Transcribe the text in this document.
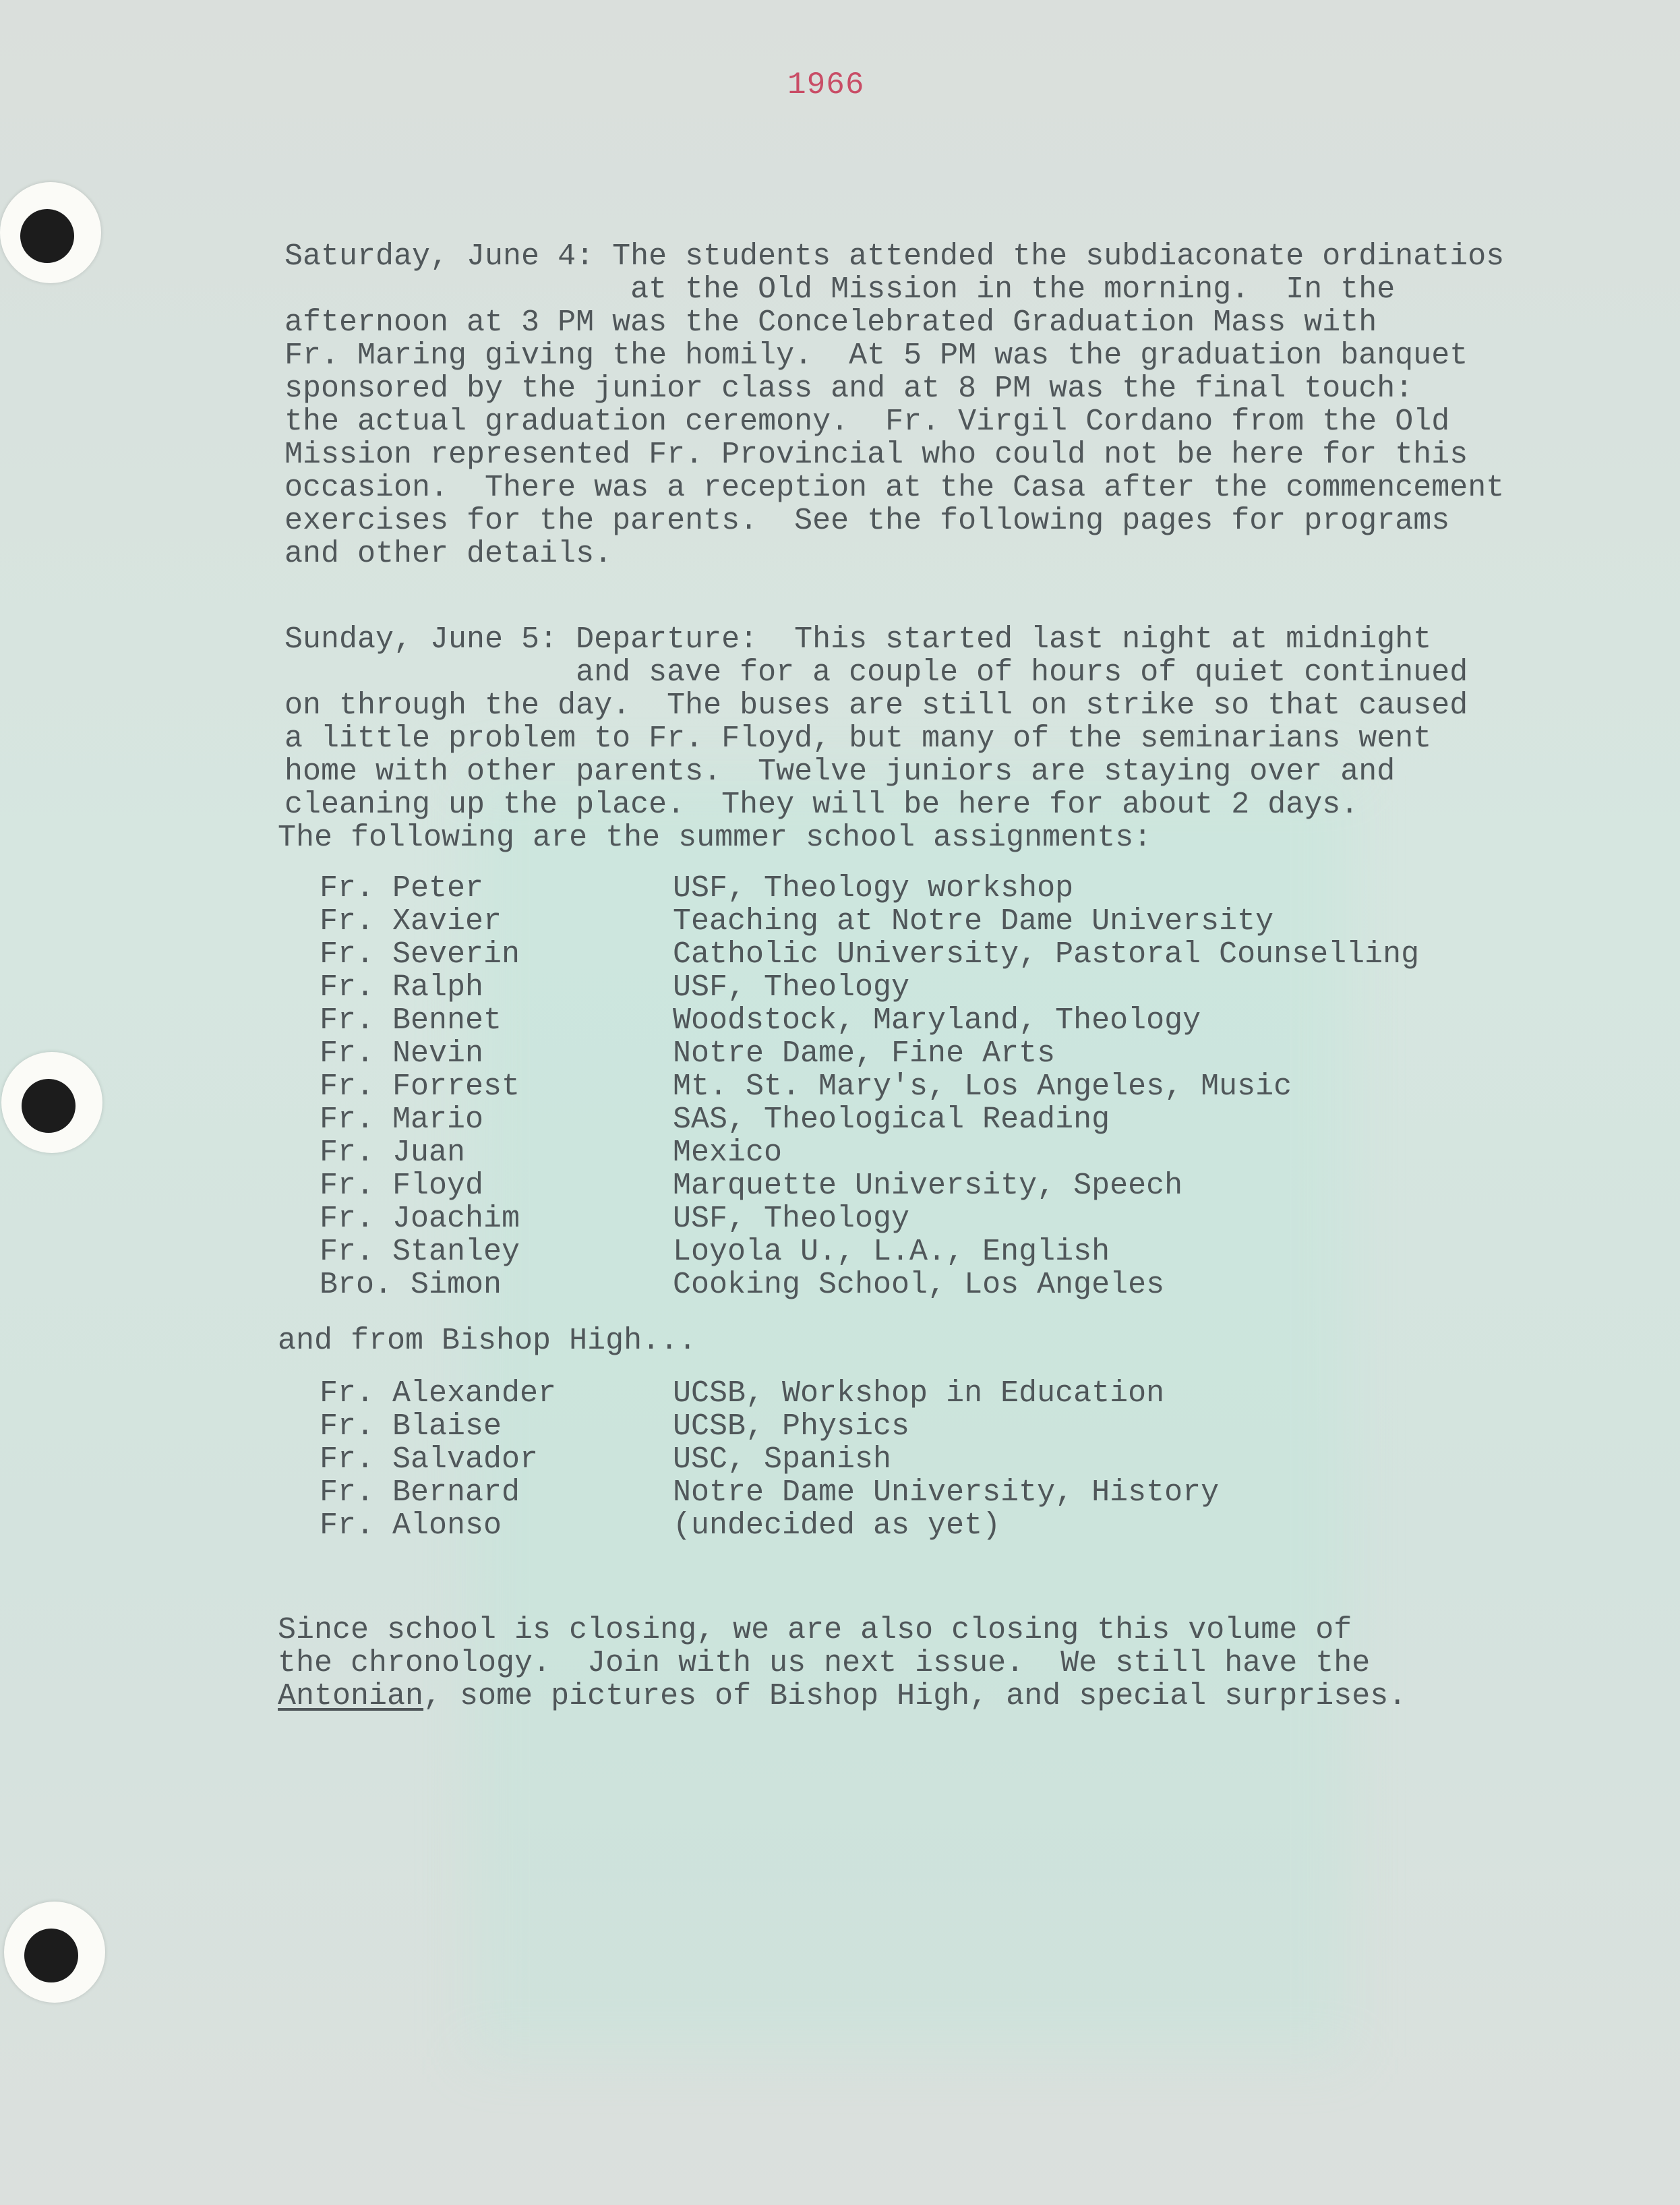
1966
Saturday, June 4: The students attended the subdiaconate ordinatios
at the Old Mission in the morning.  In the
afternoon at 3 PM was the Concelebrated Graduation Mass with
Fr. Maring giving the homily.  At 5 PM was the graduation banquet
sponsored by the junior class and at 8 PM was the final touch:
the actual graduation ceremony.  Fr. Virgil Cordano from the Old
Mission represented Fr. Provincial who could not be here for this
occasion.  There was a reception at the Casa after the commencement
exercises for the parents.  See the following pages for programs
and other details.
Sunday, June 5: Departure:  This started last night at midnight
and save for a couple of hours of quiet continued
on through the day.  The buses are still on strike so that caused
a little problem to Fr. Floyd, but many of the seminarians went
home with other parents.  Twelve juniors are staying over and
cleaning up the place.  They will be here for about 2 days.
The following are the summer school assignments:
Fr. Peter	USF, Theology workshop
Fr. Xavier	Teaching at Notre Dame University
Fr. Severin	Catholic University, Pastoral Counselling
Fr. Ralph	USF, Theology
Fr. Bennet	Woodstock, Maryland, Theology
Fr. Nevin	Notre Dame, Fine Arts
Fr. Forrest	Mt. St. Mary's, Los Angeles, Music
Fr. Mario	SAS, Theological Reading
Fr. Juan	Mexico
Fr. Floyd	Marquette University, Speech
Fr. Joachim	USF, Theology
Fr. Stanley	Loyola U., L.A., English
Bro. Simon	Cooking School, Los Angeles
and from Bishop High...
Fr. Alexander	UCSB, Workshop in Education
Fr. Blaise	UCSB, Physics
Fr. Salvador	USC, Spanish
Fr. Bernard	Notre Dame University, History
Fr. Alonso	(undecided as yet)
Since school is closing, we are also closing this volume of
the chronology.  Join with us next issue.  We still have the
Antonian, some pictures of Bishop High, and special surprises.
